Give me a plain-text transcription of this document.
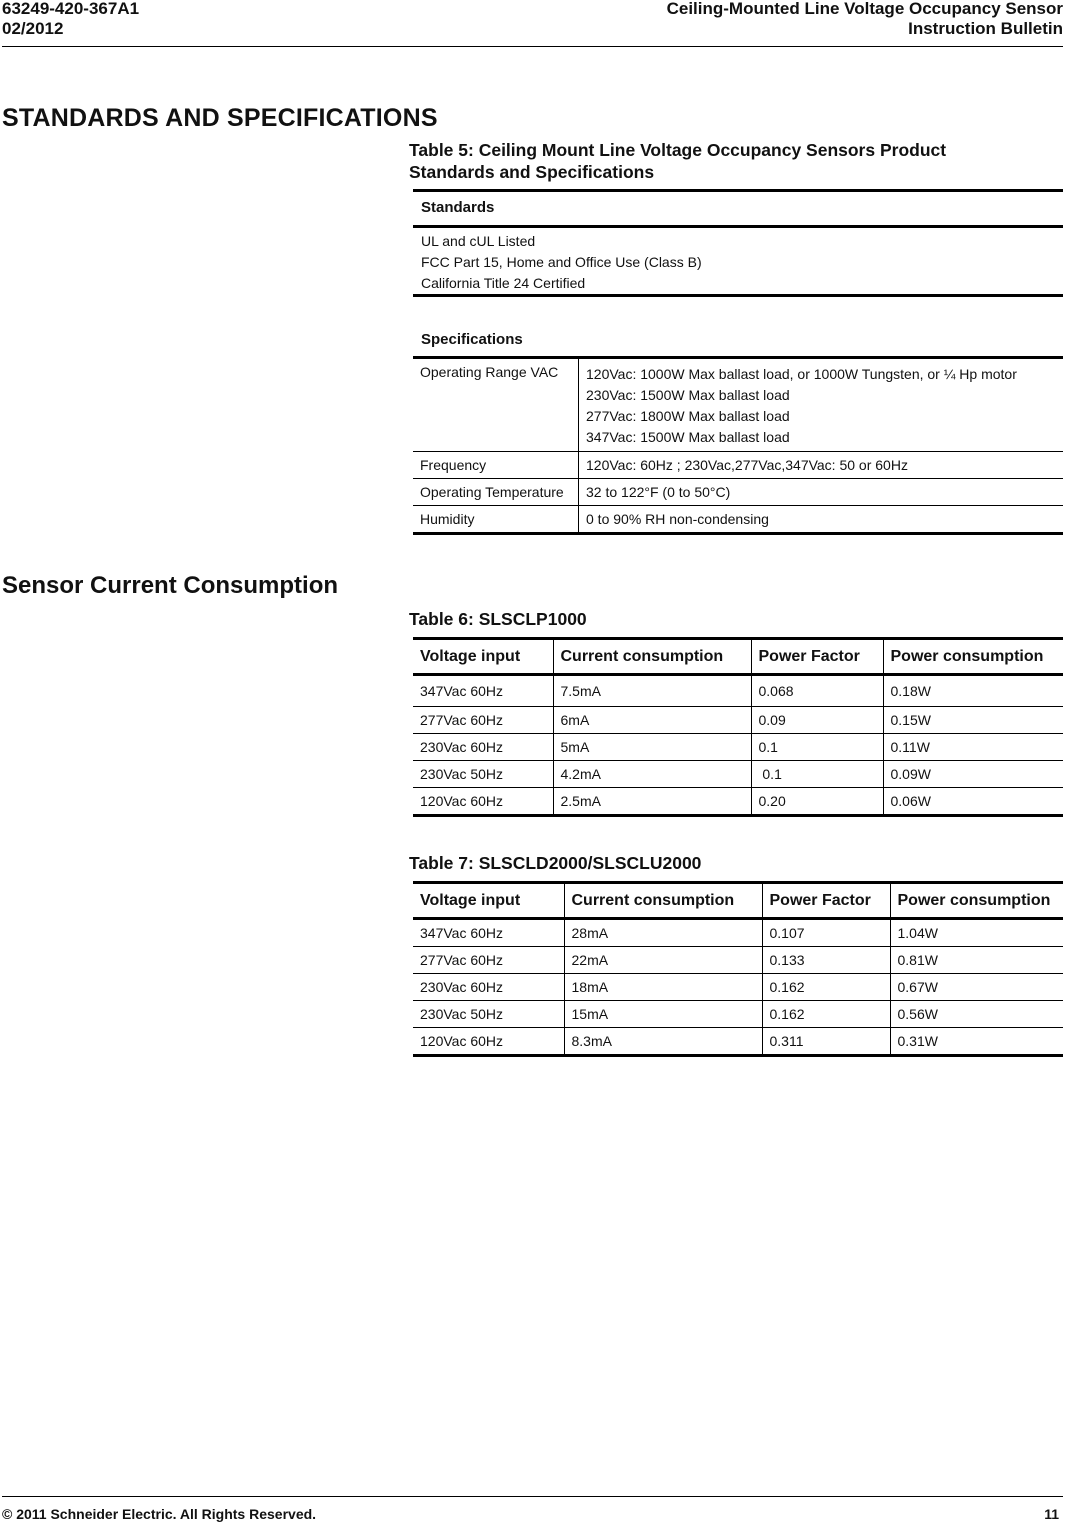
63249-420-367A1
02/2012
Ceiling-Mounted Line Voltage Occupancy Sensor
Instruction Bulletin
STANDARDS AND SPECIFICATIONS
Table 5: Ceiling Mount Line Voltage Occupancy Sensors Product
Standards and Specifications
Standards
UL and cUL Listed
FCC Part 15, Home and Office Use (Class B)
California Title 24 Certified
Specifications
Operating Range VAC	120Vac: 1000W Max ballast load, or 1000W Tungsten, or ¼ Hp motor
230Vac: 1500W Max ballast load
277Vac: 1800W Max ballast load
347Vac: 1500W Max ballast load

Frequency	120Vac: 60Hz ; 230Vac,277Vac,347Vac: 50 or 60Hz
Operating Temperature	32 to 122°F (0 to 50°C)
Humidity	0 to 90% RH non-condensing
Sensor Current Consumption
Table 6: SLSCLP1000
Voltage input	Current consumption	Power Factor	Power consumption
347Vac 60Hz	7.5mA	0.068	0.18W
277Vac 60Hz	6mA	0.09	0.15W
230Vac 60Hz	5mA	0.1	0.11W
230Vac 50Hz	4.2mA	0.1	0.09W
120Vac 60Hz	2.5mA	0.20	0.06W
Table 7: SLSCLD2000/SLSCLU2000
Voltage input	Current consumption	Power Factor	Power consumption
347Vac 60Hz	28mA	0.107	1.04W
277Vac 60Hz	22mA	0.133	0.81W
230Vac 60Hz	18mA	0.162	0.67W
230Vac 50Hz	15mA	0.162	0.56W
120Vac 60Hz	8.3mA	0.311	0.31W
© 2011 Schneider Electric. All Rights Reserved.	11
